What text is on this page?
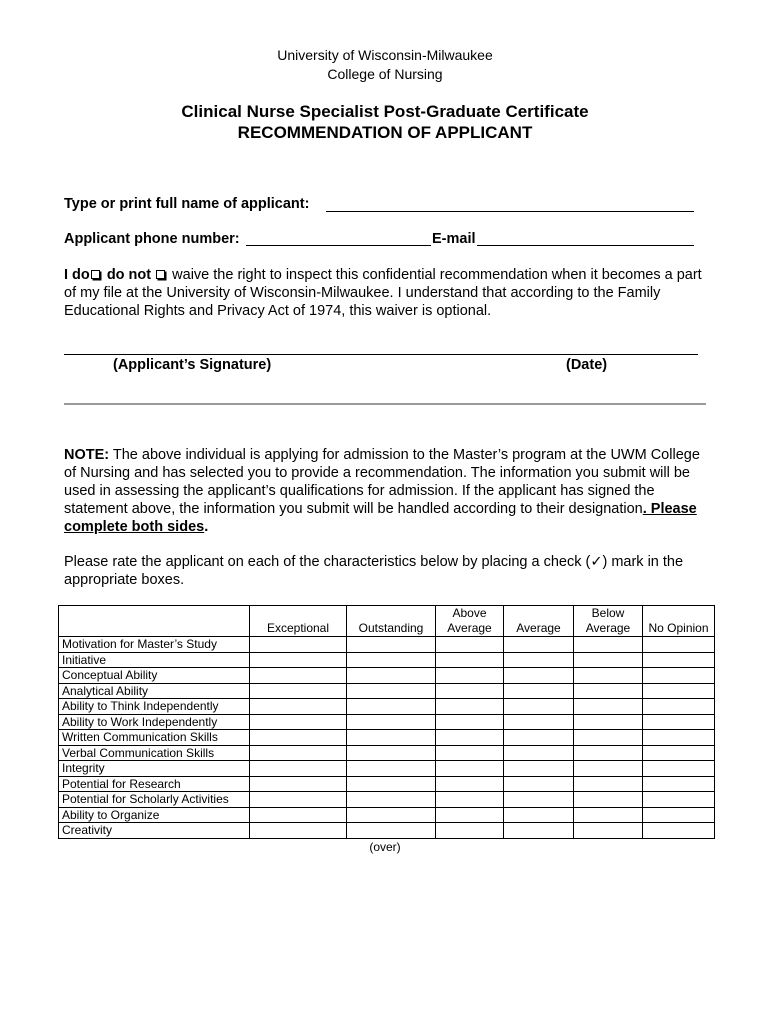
University of Wisconsin-Milwaukee
College of Nursing
Clinical Nurse Specialist Post-Graduate Certificate
RECOMMENDATION OF APPLICANT
Type or print full name of applicant:
Applicant phone number:	E-mail
I do do not waive the right to inspect this confidential recommendation when it becomes a part of my file at the University of Wisconsin-Milwaukee. I understand that according to the Family Educational Rights and Privacy Act of 1974, this waiver is optional.
(Applicant’s Signature)	(Date)
NOTE: The above individual is applying for admission to the Master’s program at the UWM College of Nursing and has selected you to provide a recommendation. The information you submit will be used in assessing the applicant’s qualifications for admission. If the applicant has signed the statement above, the information you submit will be handled according to their designation. Please complete both sides.
Please rate the applicant on each of the characteristics below by placing a check (✓) mark in the appropriate boxes.
	Exceptional	Outstanding	Above Average	Average	Below Average	No Opinion
Motivation for Master’s Study						
Initiative						
Conceptual Ability						
Analytical Ability						
Ability to Think Independently						
Ability to Work Independently						
Written Communication Skills						
Verbal Communication Skills						
Integrity						
Potential for Research						
Potential for Scholarly Activities						
Ability to Organize						
Creativity						
(over)
